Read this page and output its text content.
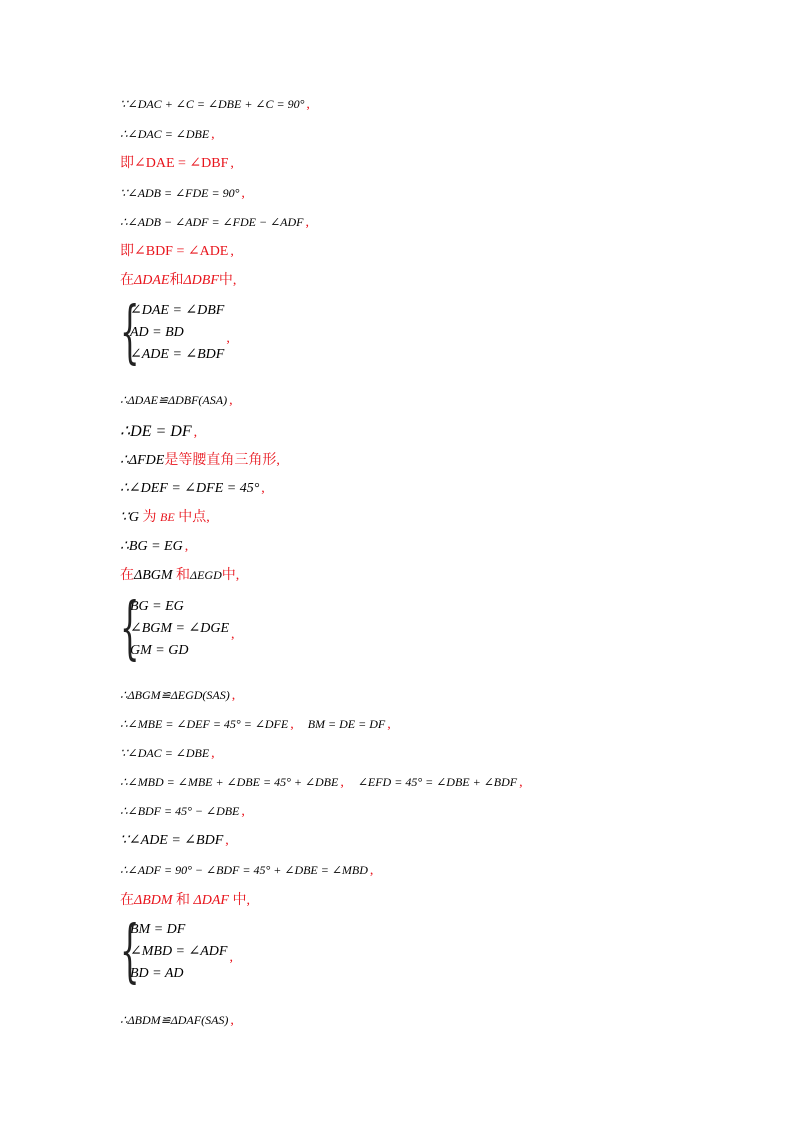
∵∠DAC + ∠C = ∠DBE + ∠C = 90° ,
∴∠DAC = ∠DBE ,
即∠DAE = ∠DBF ,
∵∠ADB = ∠FDE = 90° ,
∴∠ADB − ∠ADF = ∠FDE − ∠ADF ,
即∠BDF = ∠ADE ,
在ΔDAE和ΔDBF中,
{
∠DAE = ∠DBF
AD = BD
∠ADE = ∠BDF
,
∴ΔDAE≌ΔDBF(ASA) ,
∴DE = DF ,
∴ΔFDE是等腰直角三角形,
∴∠DEF = ∠DFE = 45° ,
∵G 为 BE 中点,
∴BG = EG ,
在ΔBGM 和ΔEGD中,
{
BG = EG
∠BGM = ∠DGE
GM = GD
,
∴ΔBGM≌ΔEGD(SAS) ,
∴∠MBE = ∠DEF = 45° = ∠DFE , BM = DE = DF ,
∵∠DAC = ∠DBE ,
∴∠MBD = ∠MBE + ∠DBE = 45° + ∠DBE , ∠EFD = 45° = ∠DBE + ∠BDF ,
∴∠BDF = 45° − ∠DBE ,
∵∠ADE = ∠BDF ,
∴∠ADF = 90° − ∠BDF = 45° + ∠DBE = ∠MBD ,
在ΔBDM 和 ΔDAF 中,
{
BM = DF
∠MBD = ∠ADF
BD = AD
,
∴ΔBDM≌ΔDAF(SAS) ,
